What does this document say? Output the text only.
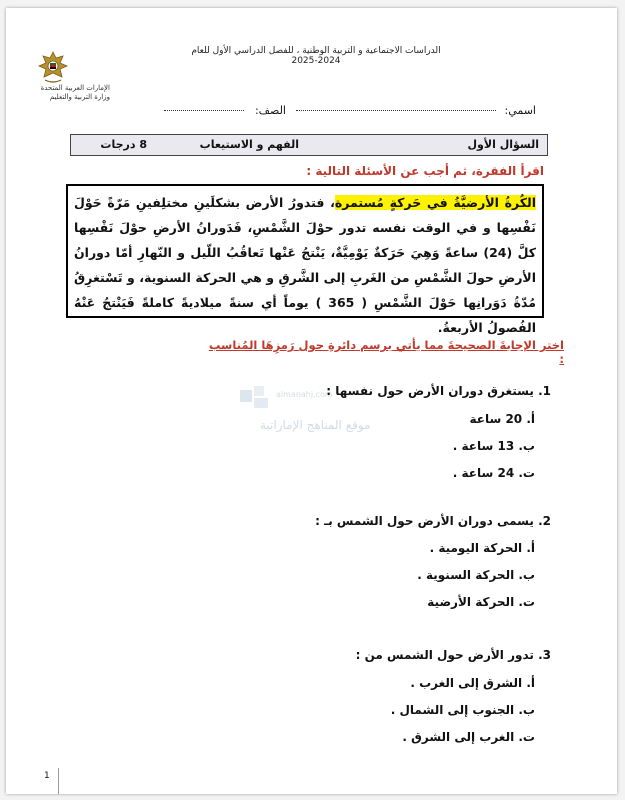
الدراسات الاجتماعية و التربية الوطنية ، للفصل الدراسي الأول للعام 2024-2025
الإمارات العربية المتحدة
وزارة التربية والتعليم
اسمي:
الصف:
السؤال الأول
الفهم و الاستيعاب
8 درجات
اقرأ الفقرة، ثم أجب عن الأسئلة التالية :
الكُرةُ الأرضيَّةُ في حَركةٍ مُستمرة، فتدورُ الأرض بشكلَينِ مختلِفينِ مَرّةً حَوْلَ نَفْسِها و في الوقت نفسه تدور حوْلَ الشَّمْسِ، فَدَورانُ الأرضِ حوْلَ نَفْسِها كلَّ (24) ساعةً وَهِيَ حَرَكةٌ يَوْمِيَّةٌ، يَنْتجُ عَنْها تَعاقُبُ اللّيل و النّهارِ أمّا دورانُ الأرضِ حولَ الشَّمْسِ من الغَربِ إلى الشَّرقِ و هي الحركة السنوية، و تَسْتغرِقُ مُدّةُ دَوَرانِها حَوْلَ الشَّمْسِ ( 365 ) يوماً أي سنةً ميلاديةً كاملةً فَيَنْتجُ عَنْهُ الفُصولُ الأربعةُ.
اختر الإجابةَ الصحيحةَ مما يأتي برسم دائرةِ حول رَمزِهَا المُناسب :
almanahj.com
موقع المناهج الإماراتية
1. يستغرق دوران الأرض حول نفسها :
أ. 20 ساعة
ب. 13 ساعة .
ت. 24 ساعة .
2. يسمى دوران الأرض حول الشمس بـ :
أ. الحركة اليومية .
ب. الحركة السنوية .
ت. الحركة الأرضية
3. تدور الأرض حول الشمس من :
أ. الشرق إلى الغرب .
ب. الجنوب إلى الشمال .
ت. الغرب إلى الشرق .
1
